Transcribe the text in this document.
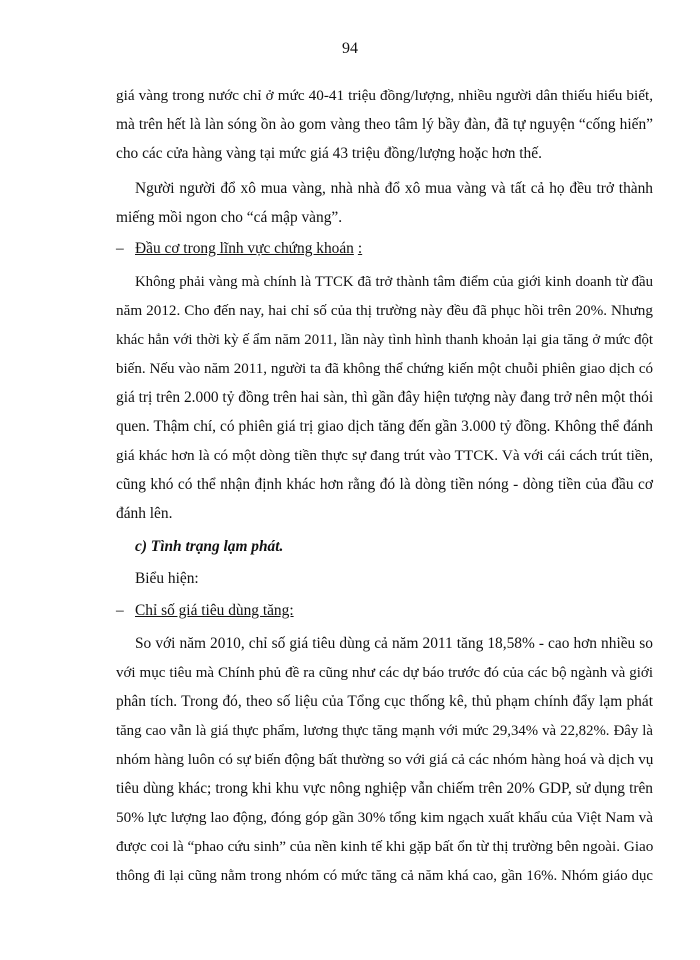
94
giá vàng trong nước chỉ ở mức 40-41 triệu đồng/lượng, nhiều người dân thiếu hiểu biết,
mà trên hết là làn sóng ồn ào gom vàng theo tâm lý bầy đàn, đã tự nguyện “cống hiến”
cho các cửa hàng vàng tại mức giá 43 triệu đồng/lượng hoặc hơn thế.
Người người đổ xô mua vàng, nhà nhà đổ xô mua vàng và tất cả họ đều trở thành
miếng mồi ngon cho “cá mập vàng”.
– Đầu cơ trong lĩnh vực chứng khoán :
Không phải vàng mà chính là TTCK đã trở thành tâm điểm của giới kinh doanh từ đầu
năm 2012. Cho đến nay, hai chỉ số của thị trường này đều đã phục hồi trên 20%. Nhưng
khác hẳn với thời kỳ ế ẩm năm 2011, lần này tình hình thanh khoản lại gia tăng ở mức đột
biến. Nếu vào năm 2011, người ta đã không thể chứng kiến một chuỗi phiên giao dịch có
giá trị trên 2.000 tỷ đồng trên hai sàn, thì gần đây hiện tượng này đang trở nên một thói
quen. Thậm chí, có phiên giá trị giao dịch tăng đến gần 3.000 tỷ đồng. Không thể đánh
giá khác hơn là có một dòng tiền thực sự đang trút vào TTCK. Và với cái cách trút tiền,
cũng khó có thể nhận định khác hơn rằng đó là dòng tiền nóng - dòng tiền của đầu cơ
đánh lên.
c) Tình trạng lạm phát.
Biểu hiện:
– Chỉ số giá tiêu dùng tăng:
So với năm 2010, chỉ số giá tiêu dùng cả năm 2011 tăng 18,58% - cao hơn nhiều so
với mục tiêu mà Chính phủ đề ra cũng như các dự báo trước đó của các bộ ngành và giới
phân tích. Trong đó, theo số liệu của Tổng cục thống kê, thủ phạm chính đẩy lạm phát
tăng cao vẫn là giá thực phẩm, lương thực tăng mạnh với mức 29,34% và 22,82%. Đây là
nhóm hàng luôn có sự biến động bất thường so với giá cả các nhóm hàng hoá và dịch vụ
tiêu dùng khác; trong khi khu vực nông nghiệp vẫn chiếm trên 20% GDP, sử dụng trên
50% lực lượng lao động, đóng góp gần 30% tổng kim ngạch xuất khẩu của Việt Nam và
được coi là “phao cứu sinh” của nền kinh tế khi gặp bất ổn từ thị trường bên ngoài. Giao
thông đi lại cũng nằm trong nhóm có mức tăng cả năm khá cao, gần 16%. Nhóm giáo dục
